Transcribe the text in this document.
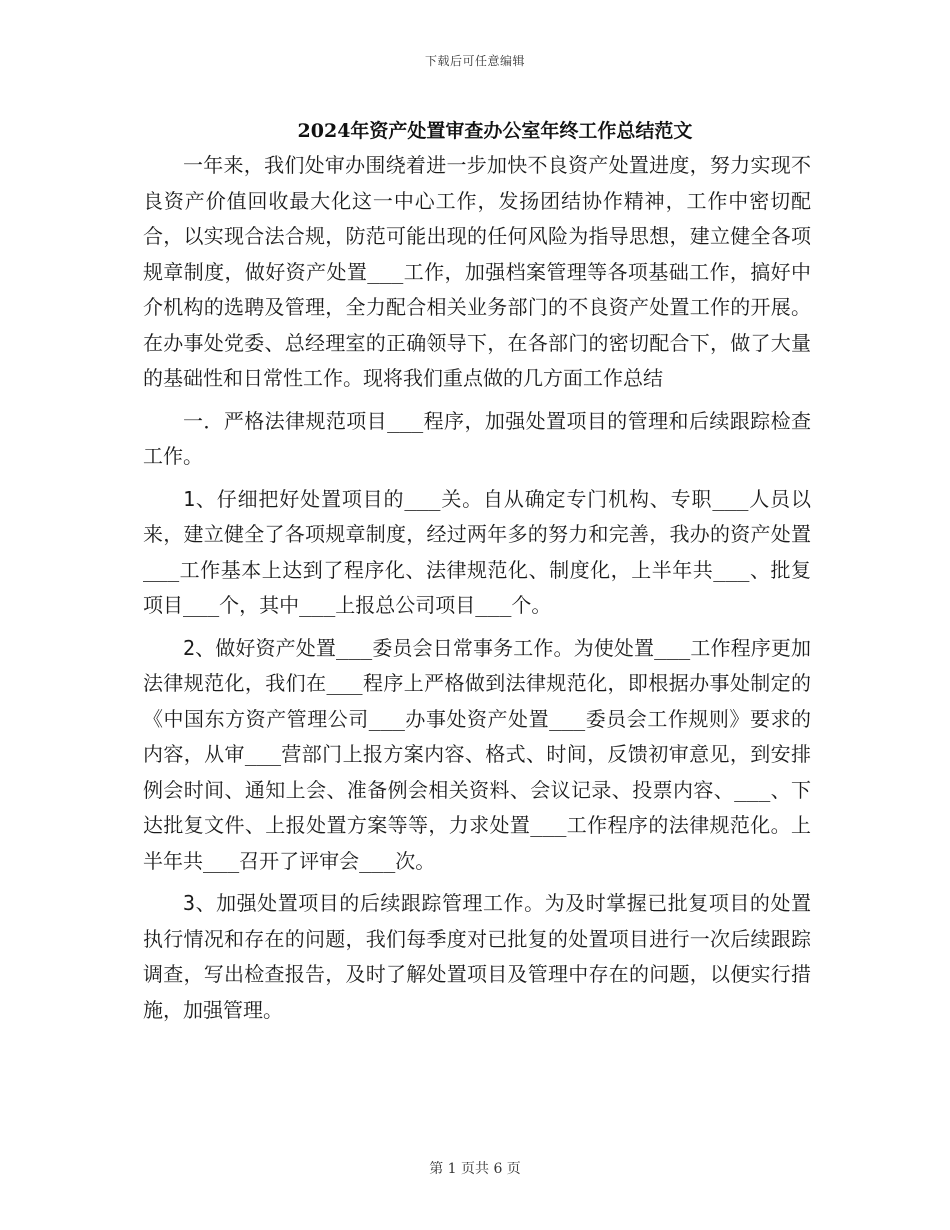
下载后可任意编辑
2024年资产处置审查办公室年终工作总结范文

一年来，我们处审办围绕着进一步加快不良资产处置进度，努力实现不良资产价值回收最大化这一中心工作，发扬团结协作精神，工作中密切配合，以实现合法合规，防范可能出现的任何风险为指导思想，建立健全各项规章制度，做好资产处置___工作，加强档案管理等各项基础工作，搞好中介机构的选聘及管理，全力配合相关业务部门的不良资产处置工作的开展。在办事处党委、总经理室的正确领导下，在各部门的密切配合下，做了大量的基础性和日常性工作。现将我们重点做的几方面工作总结

一．严格法律规范项目___程序，加强处置项目的管理和后续跟踪检查工作。

1、仔细把好处置项目的___关。自从确定专门机构、专职___人员以来，建立健全了各项规章制度，经过两年多的努力和完善，我办的资产处置___工作基本上达到了程序化、法律规范化、制度化，上半年共___、批复项目___个，其中___上报总公司项目___个。

2、做好资产处置___委员会日常事务工作。为使处置___工作程序更加法律规范化，我们在___程序上严格做到法律规范化，即根据办事处制定的《中国东方资产管理公司___办事处资产处置___委员会工作规则》要求的内容，从审___营部门上报方案内容、格式、时间，反馈初审意见，到安排例会时间、通知上会、准备例会相关资料、会议记录、投票内容、___、下达批复文件、上报处置方案等等，力求处置___工作程序的法律规范化。上半年共___召开了评审会___次。

3、加强处置项目的后续跟踪管理工作。为及时掌握已批复项目的处置执行情况和存在的问题，我们每季度对已批复的处置项目进行一次后续跟踪调查，写出检查报告，及时了解处置项目及管理中存在的问题，以便实行措施，加强管理。

第 1 页共 6 页
